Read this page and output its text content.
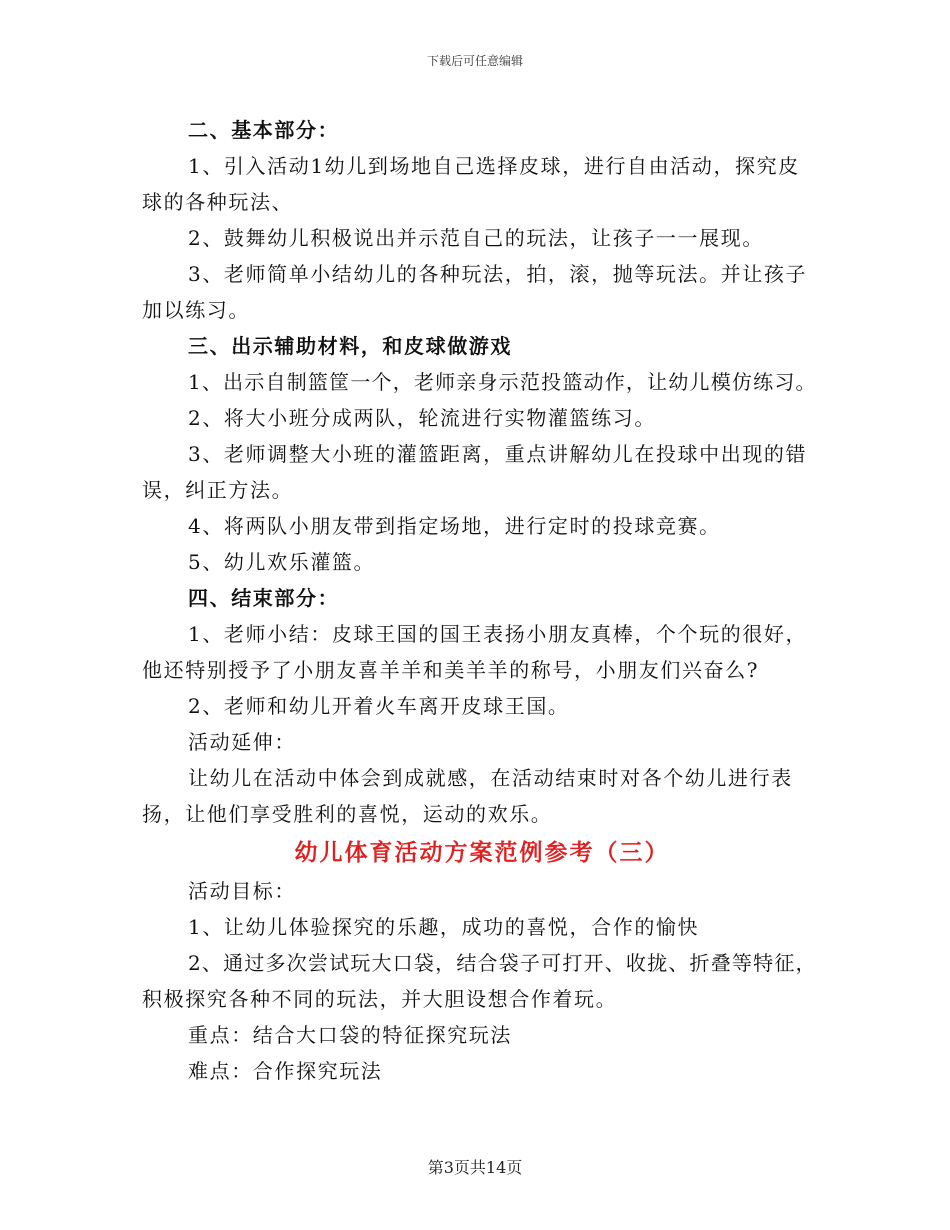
下载后可任意编辑
二、基本部分：
1、引入活动1幼儿到场地自己选择皮球，进行自由活动，探究皮
球的各种玩法、
2、鼓舞幼儿积极说出并示范自己的玩法，让孩子一一展现。
3、老师简单小结幼儿的各种玩法，拍，滚，抛等玩法。并让孩子
加以练习。
三、出示辅助材料，和皮球做游戏
1、出示自制篮筐一个，老师亲身示范投篮动作，让幼儿模仿练习。
2、将大小班分成两队，轮流进行实物灌篮练习。
3、老师调整大小班的灌篮距离，重点讲解幼儿在投球中出现的错
误，纠正方法。
4、将两队小朋友带到指定场地，进行定时的投球竞赛。
5、幼儿欢乐灌篮。
四、结束部分：
1、老师小结：皮球王国的国王表扬小朋友真棒，个个玩的很好，
他还特别授予了小朋友喜羊羊和美羊羊的称号，小朋友们兴奋么?
2、老师和幼儿开着火车离开皮球王国。
活动延伸：
让幼儿在活动中体会到成就感，在活动结束时对各个幼儿进行表
扬，让他们享受胜利的喜悦，运动的欢乐。
幼儿体育活动方案范例参考（三）
活动目标：
1、让幼儿体验探究的乐趣，成功的喜悦，合作的愉快
2、通过多次尝试玩大口袋，结合袋子可打开、收拢、折叠等特征，
积极探究各种不同的玩法，并大胆设想合作着玩。
重点：结合大口袋的特征探究玩法
难点：合作探究玩法
第3页共14页
